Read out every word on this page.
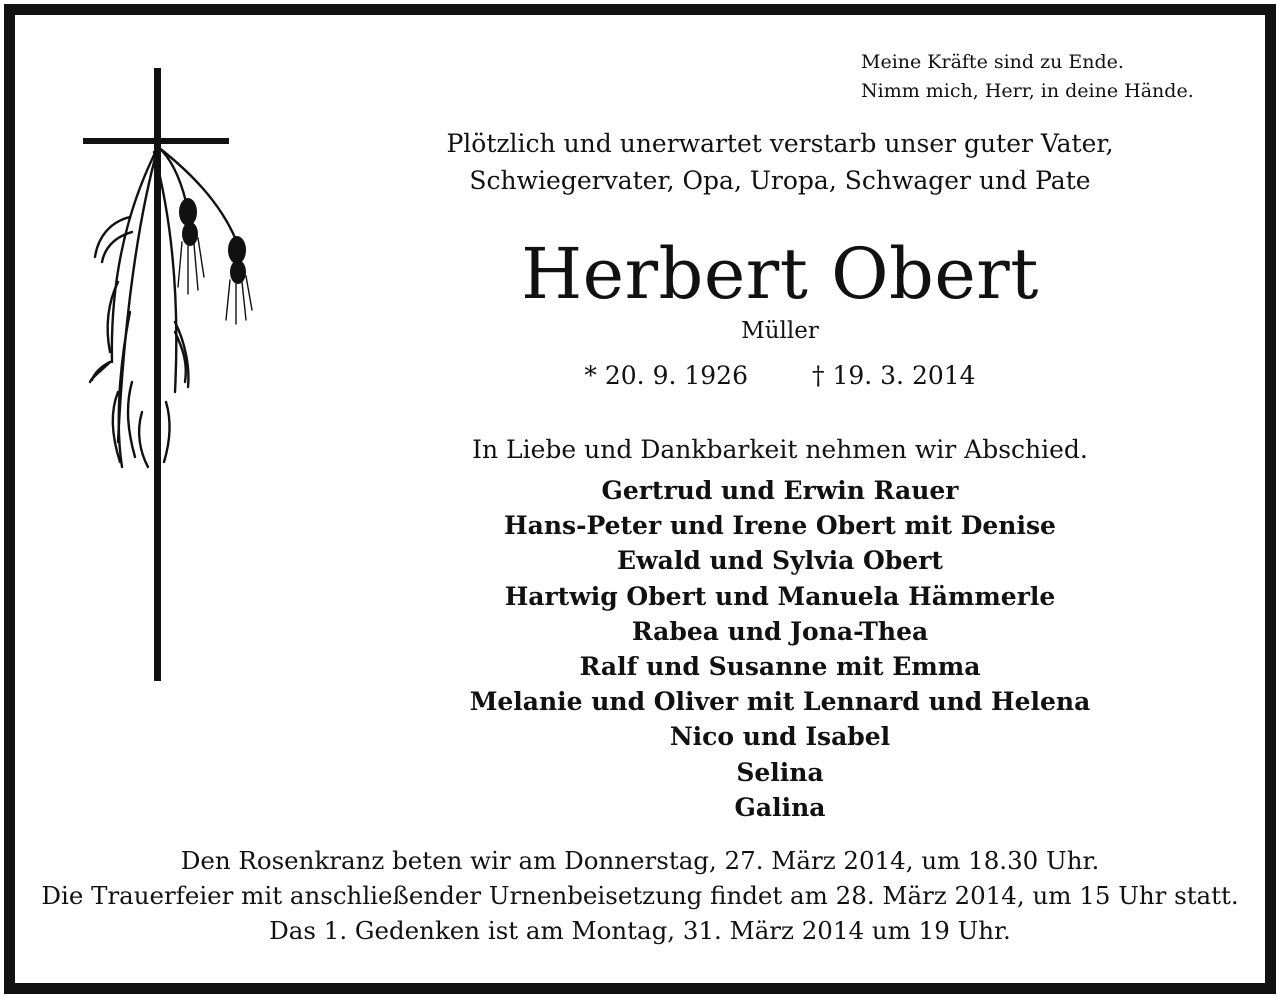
Meine Kräfte sind zu Ende.
Nimm mich, Herr, in deine Hände.
Plötzlich und unerwartet verstarb unser guter Vater,
Schwiegervater, Opa, Uropa, Schwager und Pate
Herbert Obert
Müller
* 20. 9. 1926	† 19. 3. 2014
In Liebe und Dankbarkeit nehmen wir Abschied.
Gertrud und Erwin Rauer
Hans-Peter und Irene Obert mit Denise
Ewald und Sylvia Obert
Hartwig Obert und Manuela Hämmerle
Rabea und Jona-Thea
Ralf und Susanne mit Emma
Melanie und Oliver mit Lennard und Helena
Nico und Isabel
Selina
Galina
Den Rosenkranz beten wir am Donnerstag, 27. März 2014, um 18.30 Uhr.
Die Trauerfeier mit anschließender Urnenbeisetzung findet am 28. März 2014, um 15 Uhr statt.
Das 1. Gedenken ist am Montag, 31. März 2014 um 19 Uhr.
